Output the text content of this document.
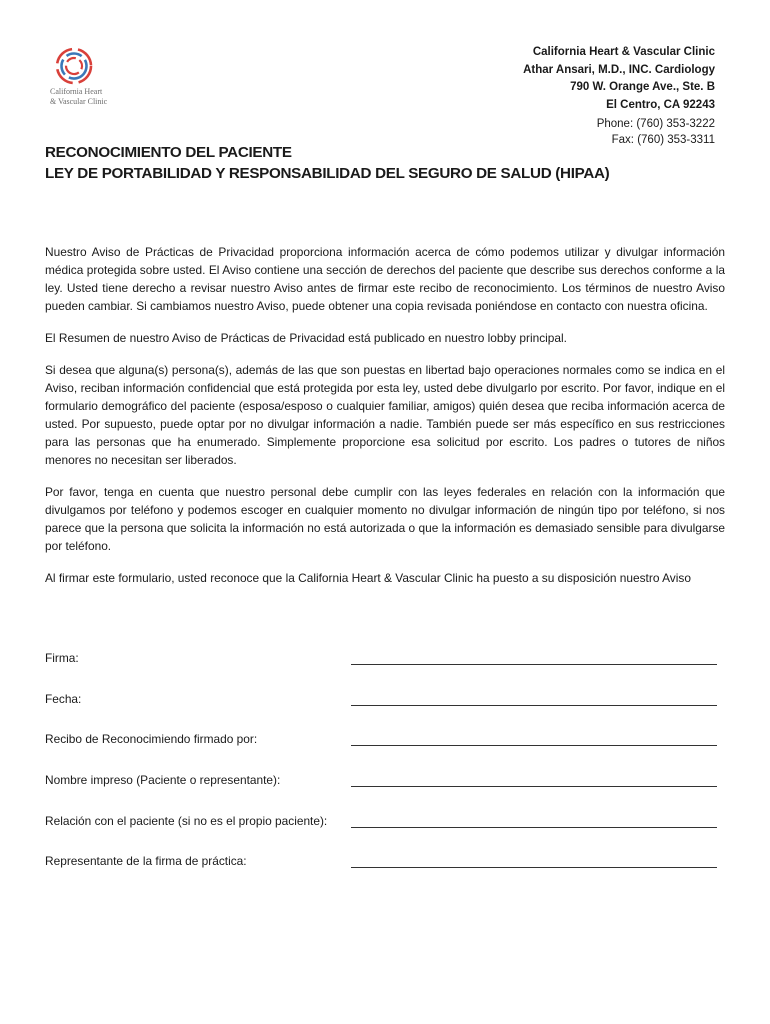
California Heart
& Vascular Clinic
California Heart & Vascular Clinic
Athar Ansari, M.D., INC. Cardiology
790 W. Orange Ave., Ste. B
El Centro, CA 92243
Phone: (760) 353-3222
Fax: (760) 353-3311
RECONOCIMIENTO DEL PACIENTE
LEY DE PORTABILIDAD Y RESPONSABILIDAD DEL SEGURO DE SALUD (HIPAA)

Nuestro Aviso de Prácticas de Privacidad proporciona información acerca de cómo podemos utilizar y divulgar información médica protegida sobre usted. El Aviso contiene una sección de derechos del paciente que describe sus derechos conforme a la ley. Usted tiene derecho a revisar nuestro Aviso antes de firmar este recibo de reconocimiento. Los términos de nuestro Aviso pueden cambiar. Si cambiamos nuestro Aviso, puede obtener una copia revisada poniéndose en contacto con nuestra oficina.

El Resumen de nuestro Aviso de Prácticas de Privacidad está publicado en nuestro lobby principal.

Si desea que alguna(s) persona(s), además de las que son puestas en libertad bajo operaciones normales como se indica en el Aviso, reciban información confidencial que está protegida por esta ley, usted debe divulgarlo por escrito. Por favor, indique en el formulario demográfico del paciente (esposa/esposo o cualquier familiar, amigos) quién desea que reciba información acerca de usted. Por supuesto, puede optar por no divulgar información a nadie. También puede ser más específico en sus restricciones para las personas que ha enumerado. Simplemente proporcione esa solicitud por escrito. Los padres o tutores de niños menores no necesitan ser liberados.

Por favor, tenga en cuenta que nuestro personal debe cumplir con las leyes federales en relación con la información que divulgamos por teléfono y podemos escoger en cualquier momento no divulgar información de ningún tipo por teléfono, si nos parece que la persona que solicita la información no está autorizada o que la información es demasiado sensible para divulgarse por teléfono.

Al firmar este formulario, usted reconoce que la California Heart & Vascular Clinic ha puesto a su disposición nuestro Aviso

Firma:
Fecha:
Recibo de Reconocimiendo firmado por:
Nombre impreso (Paciente o representante):
Relación con el paciente (si no es el propio paciente):
Representante de la firma de práctica:
